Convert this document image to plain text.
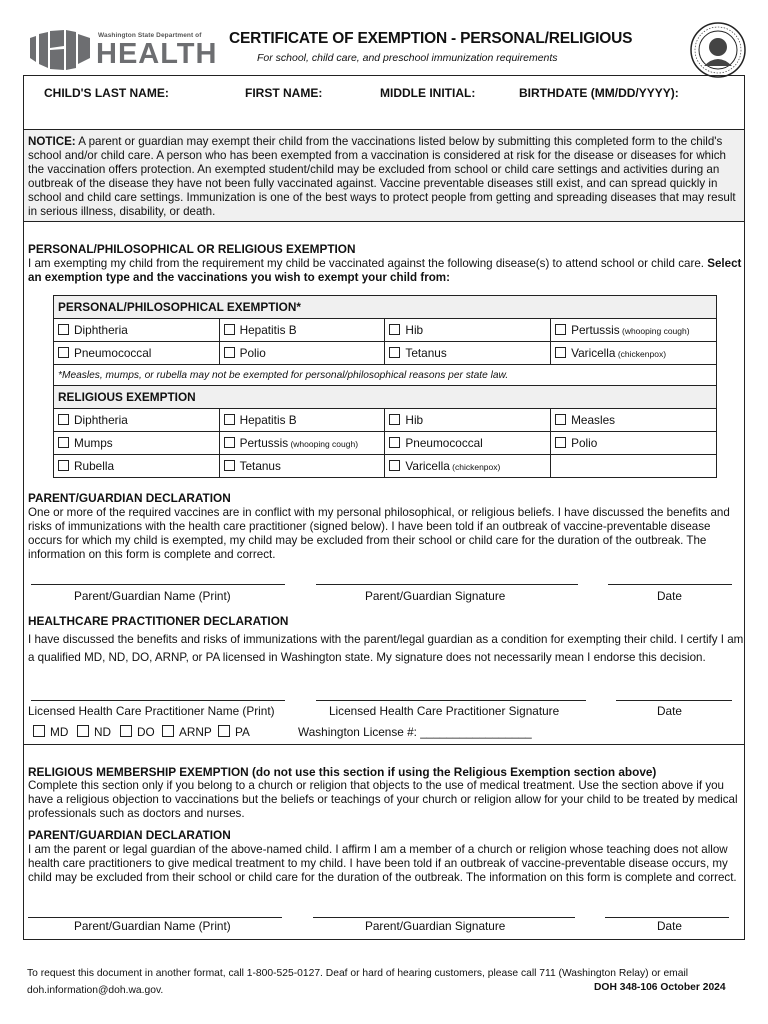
Washington State Department of
HEALTH CERTIFICATE OF EXEMPTION - PERSONAL/RELIGIOUS
For school, child care, and preschool immunization requirements
CHILD'S LAST NAME:	FIRST NAME:	MIDDLE INITIAL:	BIRTHDATE (MM/DD/YYYY):
NOTICE: A parent or guardian may exempt their child from the vaccinations listed below by submitting this completed form to the child's school and/or child care. A person who has been exempted from a vaccination is considered at risk for the disease or diseases for which the vaccination offers protection. An exempted student/child may be excluded from school or child care settings and activities during an outbreak of the disease they have not been fully vaccinated against. Vaccine preventable diseases still exist, and can spread quickly in school and child care settings. Immunization is one of the best ways to protect people from getting and spreading diseases that may result in serious illness, disability, or death.
PERSONAL/PHILOSOPHICAL OR RELIGIOUS EXEMPTION
I am exempting my child from the requirement my child be vaccinated against the following disease(s) to attend school or child care. Select an exemption type and the vaccinations you wish to exempt your child from:
PERSONAL/PHILOSOPHICAL EXEMPTION*			
Diphtheria	Hepatitis B	Hib	Pertussis (whooping cough)
Pneumococcal	Polio	Tetanus	Varicella (chickenpox)
*Measles, mumps, or rubella may not be exempted for personal/philosophical reasons per state law.			
RELIGIOUS EXEMPTION			
Diphtheria	Hepatitis B	Hib	Measles
Mumps	Pertussis (whooping cough)	Pneumococcal	Polio
Rubella	Tetanus	Varicella (chickenpox)	
PARENT/GUARDIAN DECLARATION
One or more of the required vaccines are in conflict with my personal philosophical, or religious beliefs. I have discussed the benefits and risks of immunizations with the health care practitioner (signed below). I have been told if an outbreak of vaccine-preventable disease occurs for which my child is exempted, my child may be excluded from their school or child care for the duration of the outbreak. The information on this form is complete and correct.
Parent/Guardian Name (Print)	Parent/Guardian Signature	Date
HEALTHCARE PRACTITIONER DECLARATION
I have discussed the benefits and risks of immunizations with the parent/legal guardian as a condition for exempting their child. I certify I am a qualified MD, ND, DO, ARNP, or PA licensed in Washington state. My signature does not necessarily mean I endorse this decision.
Licensed Health Care Practitioner Name (Print)	Licensed Health Care Practitioner Signature	Date
MD	ND	DO	ARNP	PA	Washington License #: _________________
RELIGIOUS MEMBERSHIP EXEMPTION (do not use this section if using the Religious Exemption section above)
Complete this section only if you belong to a church or religion that objects to the use of medical treatment. Use the section above if you have a religious objection to vaccinations but the beliefs or teachings of your church or religion allow for your child to be treated by medical professionals such as doctors and nurses.
PARENT/GUARDIAN DECLARATION
I am the parent or legal guardian of the above-named child. I affirm I am a member of a church or religion whose teaching does not allow health care practitioners to give medical treatment to my child. I have been told if an outbreak of vaccine-preventable disease occurs, my child may be excluded from their school or child care for the duration of the outbreak. The information on this form is complete and correct.
Parent/Guardian Name (Print)	Parent/Guardian Signature	Date
To request this document in another format, call 1-800-525-0127. Deaf or hard of hearing customers, please call 711 (Washington Relay) or email doh.information@doh.wa.gov.	DOH 348-106 October 2024
